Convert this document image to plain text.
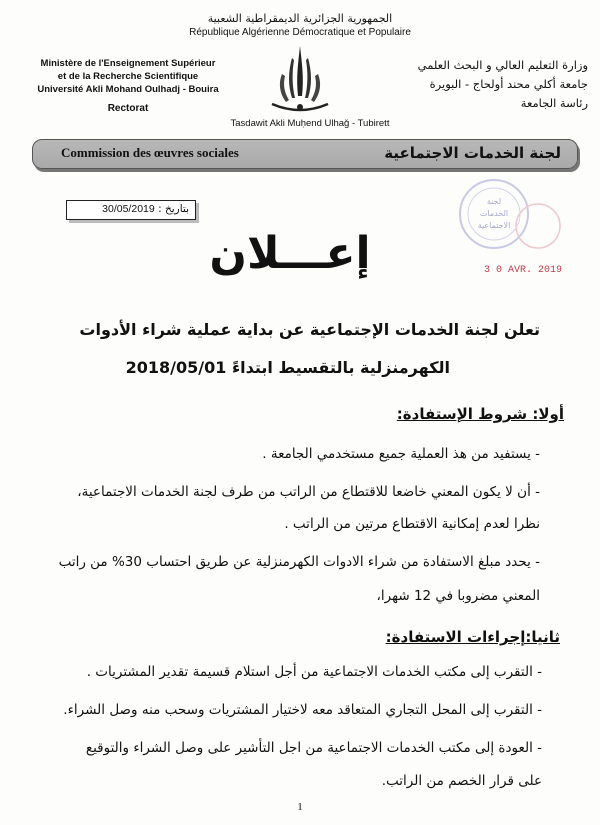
الجمهورية الجزائرية الديمقراطية الشعبية
République Algérienne Démocratique et Populaire
Ministère de l'Enseignement Supérieur
et de la Recherche Scientifique
Université Akli Mohand Oulhadj - Bouira
Rectorat
وزارة التعليم العالي و البحث العلمي
جامعة أكلي محند أولحاج - البويرة
رئاسة الجامعة
Tasdawit Akli Muḥend Ulhaǧ - Tubirett
Commission des œuvres sociales	لجنة الخدمات الاجتماعية
بتاريخ : 30/05/2019
لجنة
الخدمات
الاجتماعية
3 0 AVR. 2019
إعـــلان
تعلن لجنة الخدمات الإجتماعية عن بداية عملية شراء الأدوات
الكهرمنزلية بالتقسيط ابتداءً 2018/05/01
أولا: شروط الإستفادة:
- يستفيد من هذ العملية جميع مستخدمي الجامعة .
- أن لا يكون المعني خاضعا للاقتطاع من الراتب من طرف لجنة الخدمات الاجتماعية،
نظرا لعدم إمكانية الاقتطاع مرتين من الراتب .
- يحدد مبلغ الاستفادة من شراء الادوات الكهرمنزلية عن طريق احتساب 30% من راتب
المعني مضروبا في 12 شهرا،
ثانيا:إجراءات الاستفادة:
- التقرب إلى مكتب الخدمات الاجتماعية من أجل استلام قسيمة تقدير المشتريات .
- التقرب إلى المحل التجاري المتعاقد معه لاختيار المشتريات وسحب منه وصل الشراء.
- العودة إلى مكتب الخدمات الاجتماعية من اجل التأشير على وصل الشراء والتوقيع
على قرار الخصم من الراتب.
1
